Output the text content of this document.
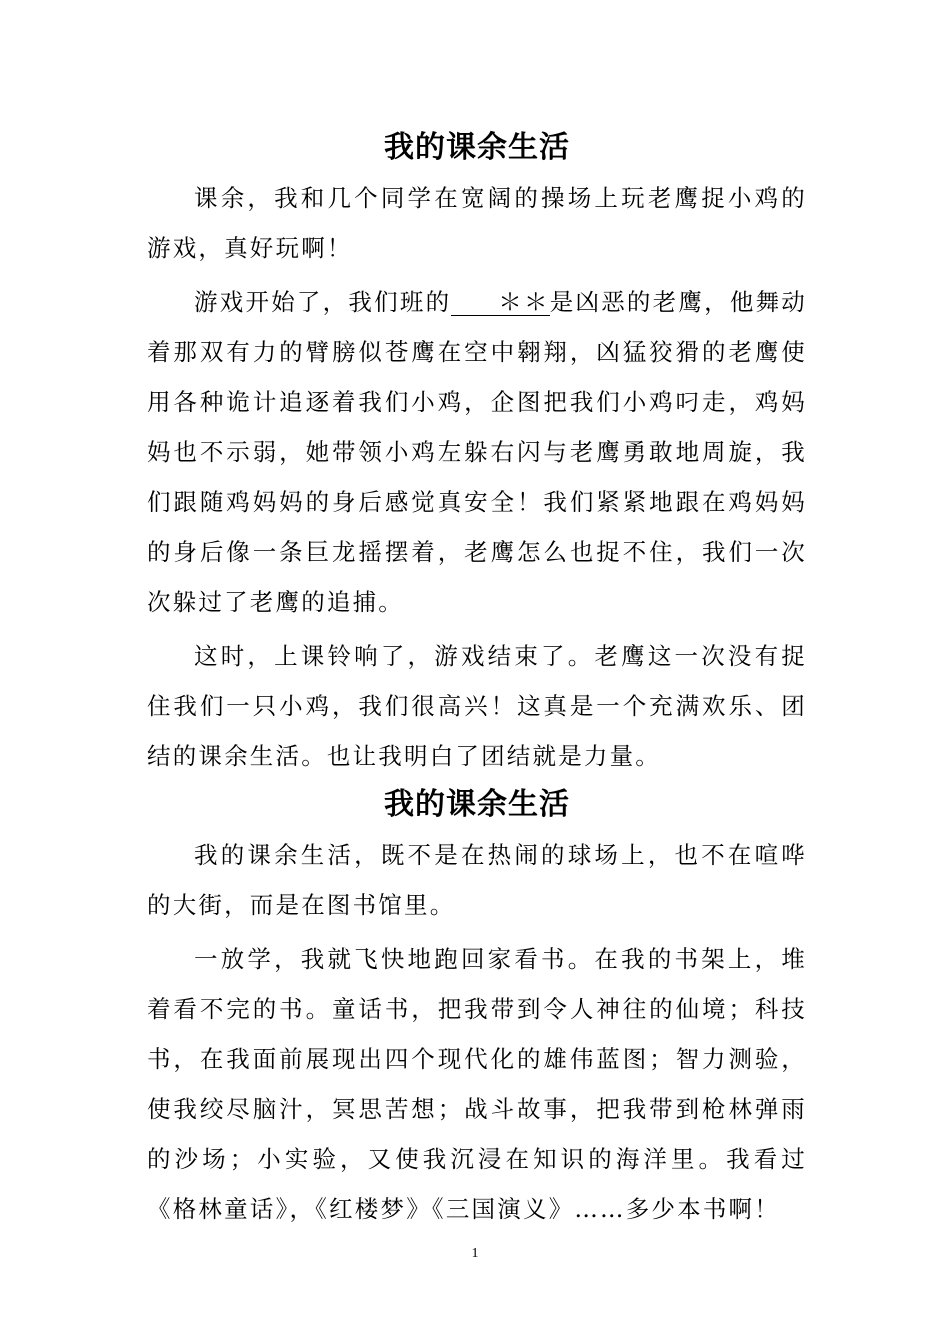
我的课余生活

课余，我和几个同学在宽阔的操场上玩老鹰捉小鸡的游戏，真好玩啊！

游戏开始了，我们班的 ＊＊是凶恶的老鹰，他舞动着那双有力的臂膀似苍鹰在空中翱翔，凶猛狡猾的老鹰使用各种诡计追逐着我们小鸡，企图把我们小鸡叼走，鸡妈妈也不示弱，她带领小鸡左躲右闪与老鹰勇敢地周旋，我们跟随鸡妈妈的身后感觉真安全！我们紧紧地跟在鸡妈妈的身后像一条巨龙摇摆着，老鹰怎么也捉不住，我们一次次躲过了老鹰的追捕。

这时，上课铃响了，游戏结束了。老鹰这一次没有捉住我们一只小鸡，我们很高兴！这真是一个充满欢乐、团结的课余生活。也让我明白了团结就是力量。

我的课余生活

我的课余生活，既不是在热闹的球场上，也不在喧哗的大街，而是在图书馆里。

一放学，我就飞快地跑回家看书。在我的书架上，堆着看不完的书。童话书，把我带到令人神往的仙境；科技书，在我面前展现出四个现代化的雄伟蓝图；智力测验，使我绞尽脑汁，冥思苦想；战斗故事，把我带到枪林弹雨的沙场；小实验，又使我沉浸在知识的海洋里。我看过《格林童话》，《红楼梦》《三国演义》……多少本书啊！

1
